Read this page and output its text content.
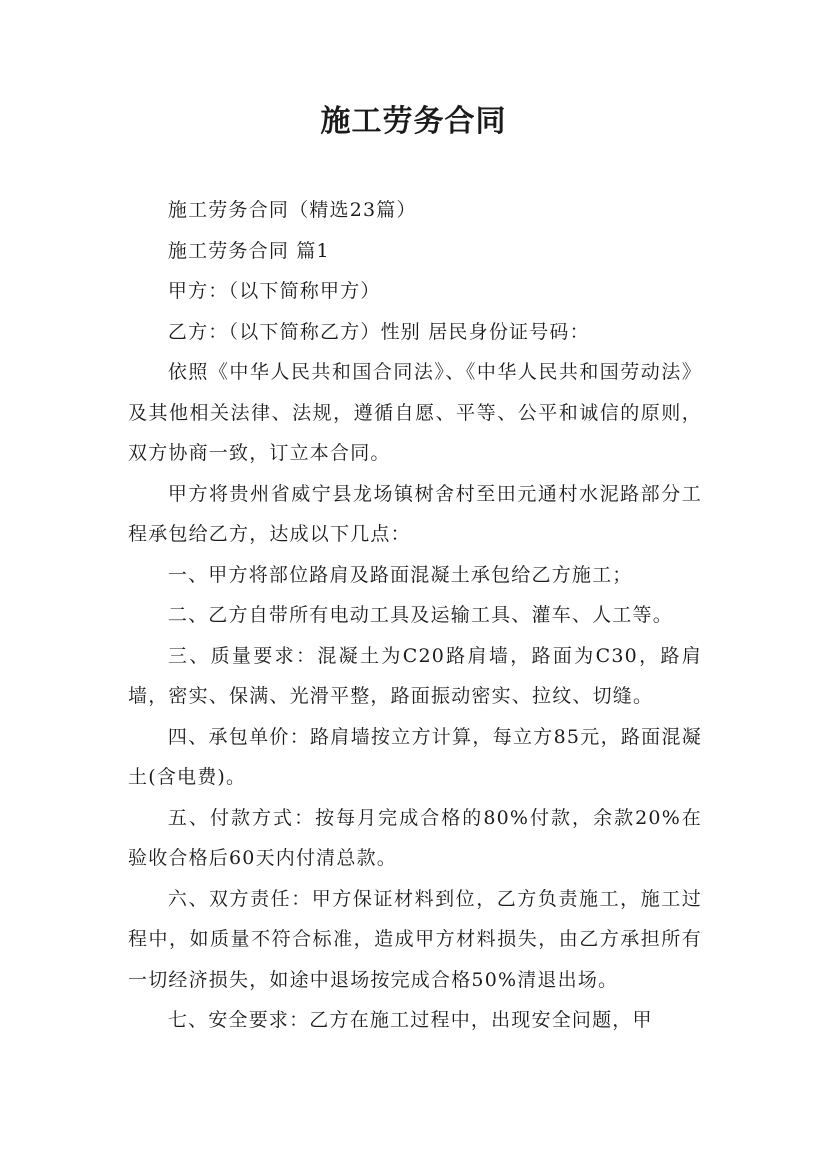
施工劳务合同

施工劳务合同（精选23篇）

施工劳务合同 篇1

甲方：（以下简称甲方）

乙方：（以下简称乙方）性别 居民身份证号码：

依照《中华人民共和国合同法》、《中华人民共和国劳动法》及其他相关法律、法规，遵循自愿、平等、公平和诚信的原则，双方协商一致，订立本合同。

甲方将贵州省威宁县龙场镇树舍村至田元通村水泥路部分工程承包给乙方，达成以下几点：

一、甲方将部位路肩及路面混凝土承包给乙方施工；

二、乙方自带所有电动工具及运输工具、灌车、人工等。

三、质量要求：混凝土为C20路肩墙，路面为C30，路肩墙，密实、保满、光滑平整，路面振动密实、拉纹、切缝。

四、承包单价：路肩墙按立方计算，每立方85元，路面混凝土(含电费)。

五、付款方式：按每月完成合格的80%付款，余款20%在验收合格后60天内付清总款。

六、双方责任：甲方保证材料到位，乙方负责施工，施工过程中，如质量不符合标准，造成甲方材料损失，由乙方承担所有一切经济损失，如途中退场按完成合格50%清退出场。

七、安全要求：乙方在施工过程中，出现安全问题，甲
